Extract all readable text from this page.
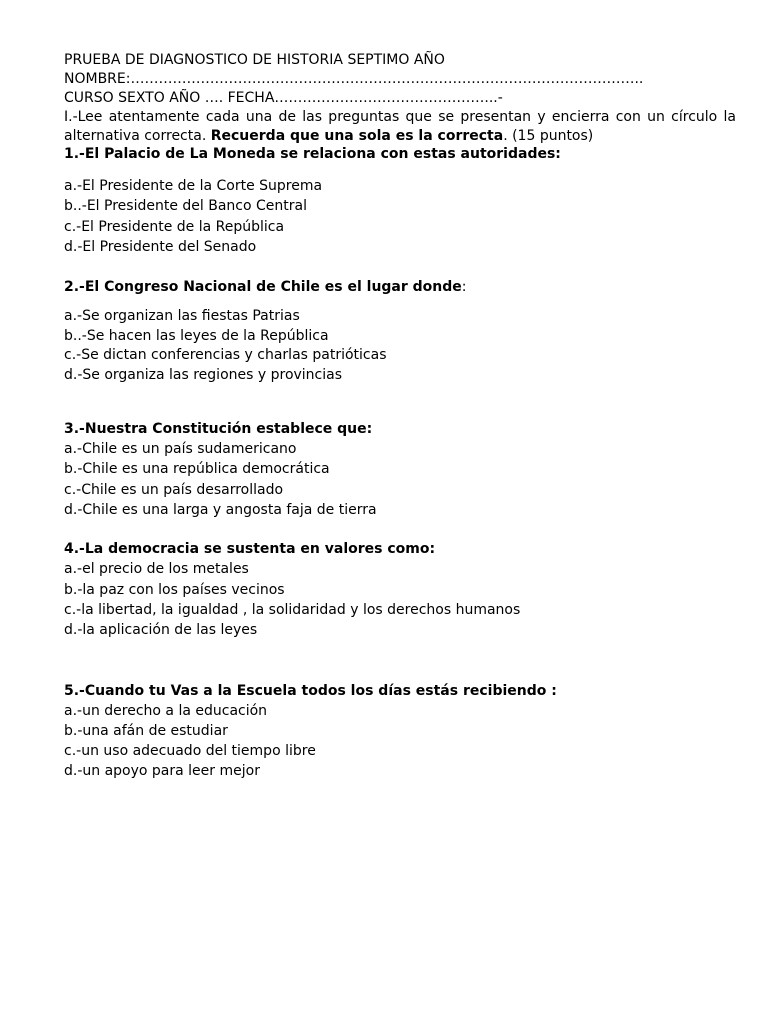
PRUEBA DE DIAGNOSTICO DE HISTORIA SEPTIMO AÑO
NOMBRE:………………………………………………………………………………………………..
CURSO SEXTO AÑO …. FECHA………………………………………...-
I.-Lee atentamente cada una de las preguntas que se presentan y encierra con un círculo la alternativa correcta. Recuerda que una sola es la correcta. (15 puntos)
1.-El Palacio de La Moneda se relaciona con estas autoridades:
a.-El Presidente de la Corte Suprema
b..-El Presidente del Banco Central
c.-El Presidente de la República
d.-El Presidente del Senado
2.-El Congreso Nacional de Chile es el lugar donde:
a.-Se organizan las fiestas Patrias
b..-Se hacen las leyes de la República
c.-Se dictan conferencias y charlas patrióticas
d.-Se organiza las regiones y provincias
3.-Nuestra Constitución establece que:
a.-Chile es un país sudamericano
b.-Chile es una república democrática
c.-Chile es un país desarrollado
d.-Chile es una larga y angosta faja de tierra
4.-La democracia se sustenta en valores como:
a.-el precio de los metales
b.-la paz con los países vecinos
c.-la libertad, la igualdad , la solidaridad y los derechos humanos
d.-la aplicación de las leyes
5.-Cuando tu Vas a la Escuela todos los días estás recibiendo :
a.-un derecho a la educación
b.-una afán de estudiar
c.-un uso adecuado del tiempo libre
d.-un apoyo para leer mejor
